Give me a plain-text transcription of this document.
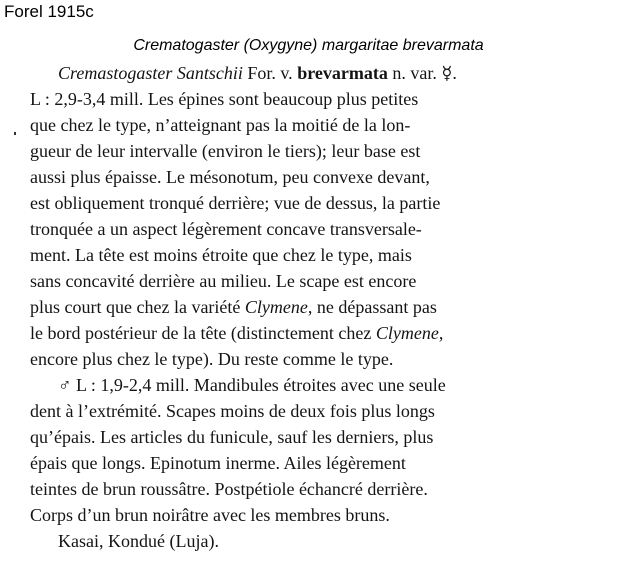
Forel 1915c
Crematogaster (Oxygyne) margaritae brevarmata
Cremastogaster Santschii For. v. brevarmata n. var. ☿.
L : 2,9-3,4 mill. Les épines sont beaucoup plus petites
que chez le type, n’atteignant pas la moitié de la lon-
gueur de leur intervalle (environ le tiers); leur base est
aussi plus épaisse. Le mésonotum, peu convexe devant,
est obliquement tronqué derrière; vue de dessus, la partie
tronquée a un aspect légèrement concave transversale-
ment. La tête est moins étroite que chez le type, mais
sans concavité derrière au milieu. Le scape est encore
plus court que chez la variété Clymene, ne dépassant pas
le bord postérieur de la tête (distinctement chez Clymene,
encore plus chez le type). Du reste comme le type.
♂ L : 1,9-2,4 mill. Mandibules étroites avec une seule
dent à l’extrémité. Scapes moins de deux fois plus longs
qu’épais. Les articles du funicule, sauf les derniers, plus
épais que longs. Epinotum inerme. Ailes légèrement
teintes de brun roussâtre. Postpétiole échancré derrière.
Corps d’un brun noirâtre avec les membres bruns.
Kasai, Kondué (Luja).
